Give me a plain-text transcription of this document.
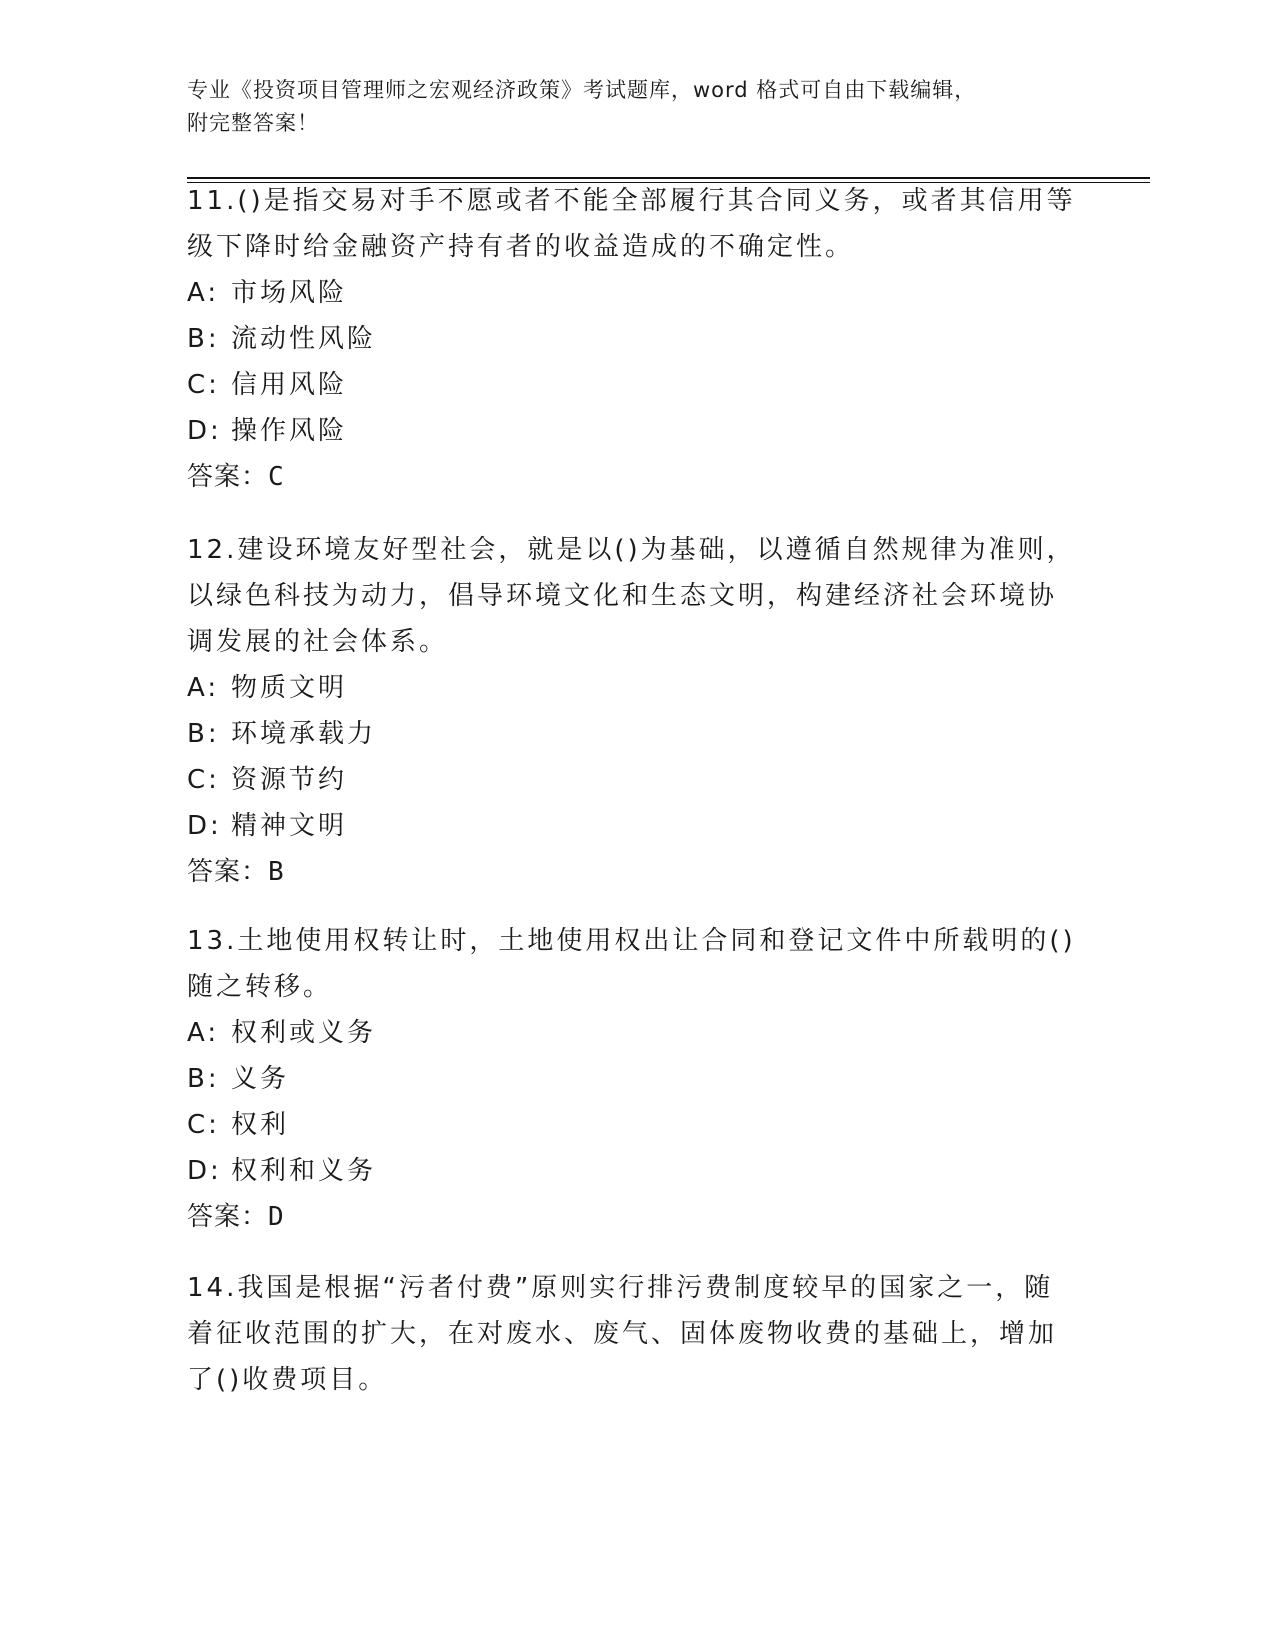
专业《投资项目管理师之宏观经济政策》考试题库，word 格式可自由下载编辑，
附完整答案！
11.()是指交易对手不愿或者不能全部履行其合同义务，或者其信用等
级下降时给金融资产持有者的收益造成的不确定性。
A: 市场风险
B: 流动性风险
C: 信用风险
D: 操作风险
答案：C
12.建设环境友好型社会，就是以()为基础，以遵循自然规律为准则，
以绿色科技为动力，倡导环境文化和生态文明，构建经济社会环境协
调发展的社会体系。
A: 物质文明
B: 环境承载力
C: 资源节约
D: 精神文明
答案：B
13.土地使用权转让时，土地使用权出让合同和登记文件中所载明的()
随之转移。
A: 权利或义务
B: 义务
C: 权利
D: 权利和义务
答案：D
14.我国是根据“污者付费”原则实行排污费制度较早的国家之一，随
着征收范围的扩大，在对废水、废气、固体废物收费的基础上，增加
了()收费项目。
